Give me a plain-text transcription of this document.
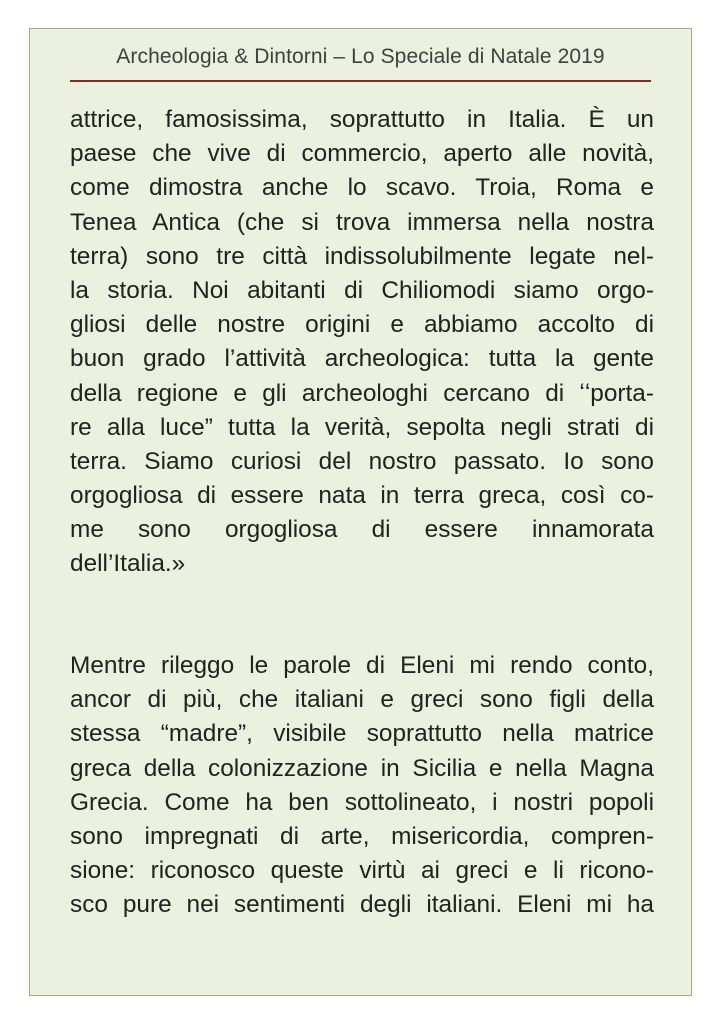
Archeologia & Dintorni – Lo Speciale di Natale 2019
attrice, famosissima, soprattutto in Italia. È un
paese che vive di commercio, aperto alle novità,
come dimostra anche lo scavo. Troia, Roma e
Tenea Antica (che si trova immersa nella nostra
terra) sono tre città indissolubilmente legate nel-
la storia. Noi abitanti di Chiliomodi siamo orgo-
gliosi delle nostre origini e abbiamo accolto di
buon grado l’attività archeologica: tutta la gente
della regione e gli archeologhi cercano di ʻʻporta-
re alla luce” tutta la verità, sepolta negli strati di
terra. Siamo curiosi del nostro passato. Io sono
orgogliosa di essere nata in terra greca, così co-
me sono orgogliosa di essere innamorata
dell’Italia.»
Mentre rileggo le parole di Eleni mi rendo conto,
ancor di più, che italiani e greci sono figli della
stessa “madre”, visibile soprattutto nella matrice
greca della colonizzazione in Sicilia e nella Magna
Grecia. Come ha ben sottolineato, i nostri popoli
sono impregnati di arte, misericordia, compren-
sione: riconosco queste virtù ai greci e li ricono-
sco pure nei sentimenti degli italiani. Eleni mi ha
